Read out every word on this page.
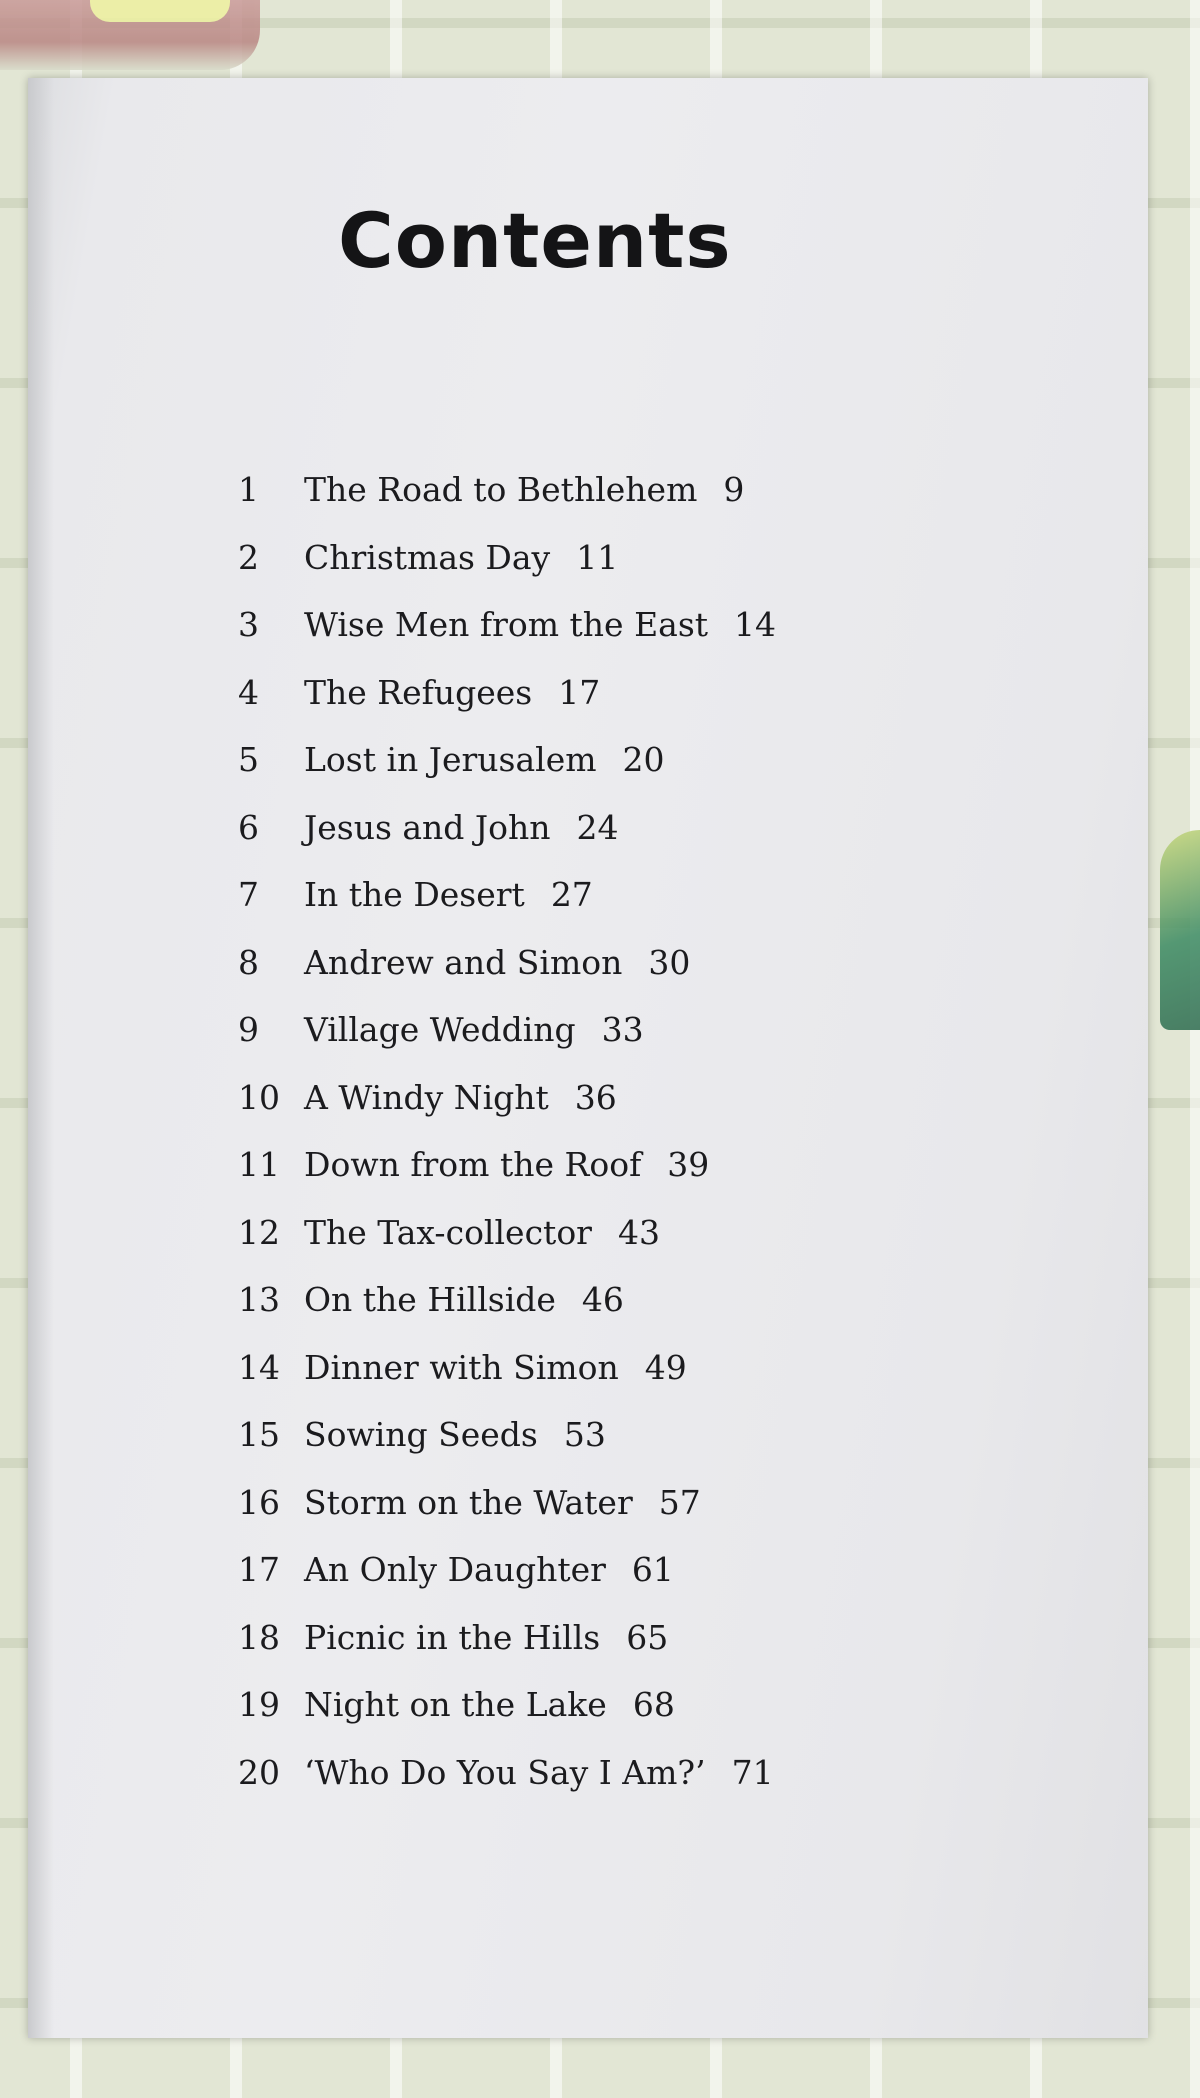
Contents
1	The Road to Bethlehem 9
2	Christmas Day 11
3	Wise Men from the East 14
4	The Refugees 17
5	Lost in Jerusalem 20
6	Jesus and John 24
7	In the Desert 27
8	Andrew and Simon 30
9	Village Wedding 33
10 A Windy Night 36
11 Down from the Roof 39
12 The Tax-collector 43
13 On the Hillside 46
14 Dinner with Simon 49
15 Sowing Seeds 53
16 Storm on the Water 57
17 An Only Daughter 61
18 Picnic in the Hills 65
19 Night on the Lake 68
20 ‘Who Do You Say I Am?’ 71
